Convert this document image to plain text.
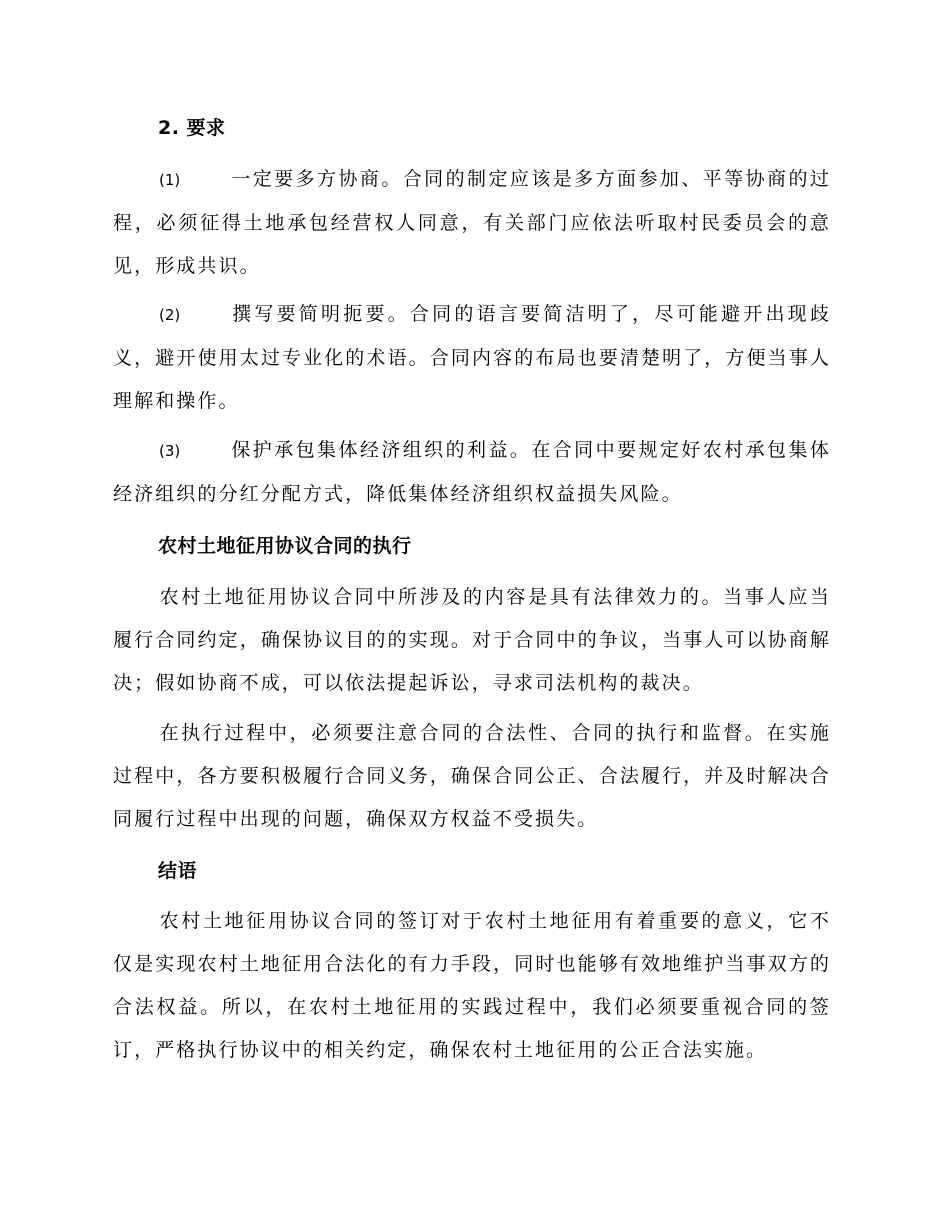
2. 要求

(1)	一定要多方协商。合同的制定应该是多方面参加、平等协商的过程，必须征得土地承包经营权人同意，有关部门应依法听取村民委员会的意见，形成共识。

(2)	撰写要简明扼要。合同的语言要简洁明了，尽可能避开出现歧义，避开使用太过专业化的术语。合同内容的布局也要清楚明了，方便当事人理解和操作。

(3)	保护承包集体经济组织的利益。在合同中要规定好农村承包集体经济组织的分红分配方式，降低集体经济组织权益损失风险。

农村土地征用协议合同的执行

农村土地征用协议合同中所涉及的内容是具有法律效力的。当事人应当履行合同约定，确保协议目的的实现。对于合同中的争议，当事人可以协商解决；假如协商不成，可以依法提起诉讼，寻求司法机构的裁决。

在执行过程中，必须要注意合同的合法性、合同的执行和监督。在实施过程中，各方要积极履行合同义务，确保合同公正、合法履行，并及时解决合同履行过程中出现的问题，确保双方权益不受损失。

结语

农村土地征用协议合同的签订对于农村土地征用有着重要的意义，它不仅是实现农村土地征用合法化的有力手段，同时也能够有效地维护当事双方的合法权益。所以，在农村土地征用的实践过程中，我们必须要重视合同的签订，严格执行协议中的相关约定，确保农村土地征用的公正合法实施。
